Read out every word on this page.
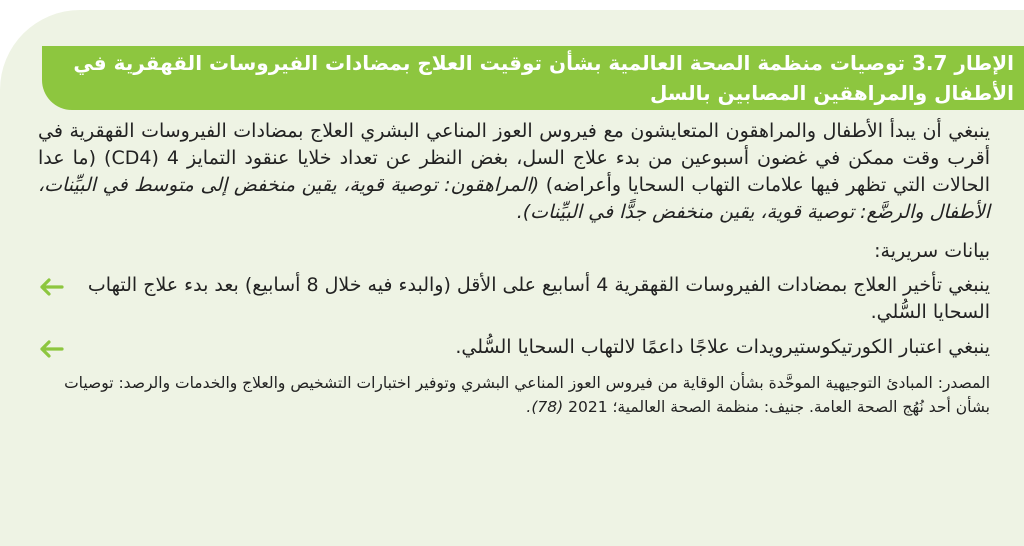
الإطار 3.7 توصيات منظمة الصحة العالمية بشأن توقيت العلاج بمضادات الفيروسات القهقرية في الأطفال والمراهقين المصابين بالسل

ينبغي أن يبدأ الأطفال والمراهقون المتعايشون مع فيروس العوز المناعي البشري العلاج بمضادات الفيروسات القهقرية في أقرب وقت ممكن في غضون أسبوعين من بدء علاج السل، بغض النظر عن تعداد خلايا عنقود التمايز 4 (CD4) (ما عدا الحالات التي تظهر فيها علامات التهاب السحايا وأعراضه) (المراهقون: توصية قوية، يقين منخفض إلى متوسط في البيِّنات، الأطفال والرضَّع: توصية قوية، يقين منخفض جدًّا في البيِّنات).

بيانات سريرية:

ينبغي تأخير العلاج بمضادات الفيروسات القهقرية 4 أسابيع على الأقل (والبدء فيه خلال 8 أسابيع) بعد بدء علاج التهاب السحايا السُّلي.
ينبغي اعتبار الكورتيكوستيرويدات علاجًا داعمًا لالتهاب السحايا السُّلي.

المصدر: المبادئ التوجيهية الموحَّدة بشأن الوقاية من فيروس العوز المناعي البشري وتوفير اختبارات التشخيص والعلاج والخدمات والرصد: توصيات بشأن أحد نُهُج الصحة العامة. جنيف: منظمة الصحة العالمية؛ 2021 (78).
